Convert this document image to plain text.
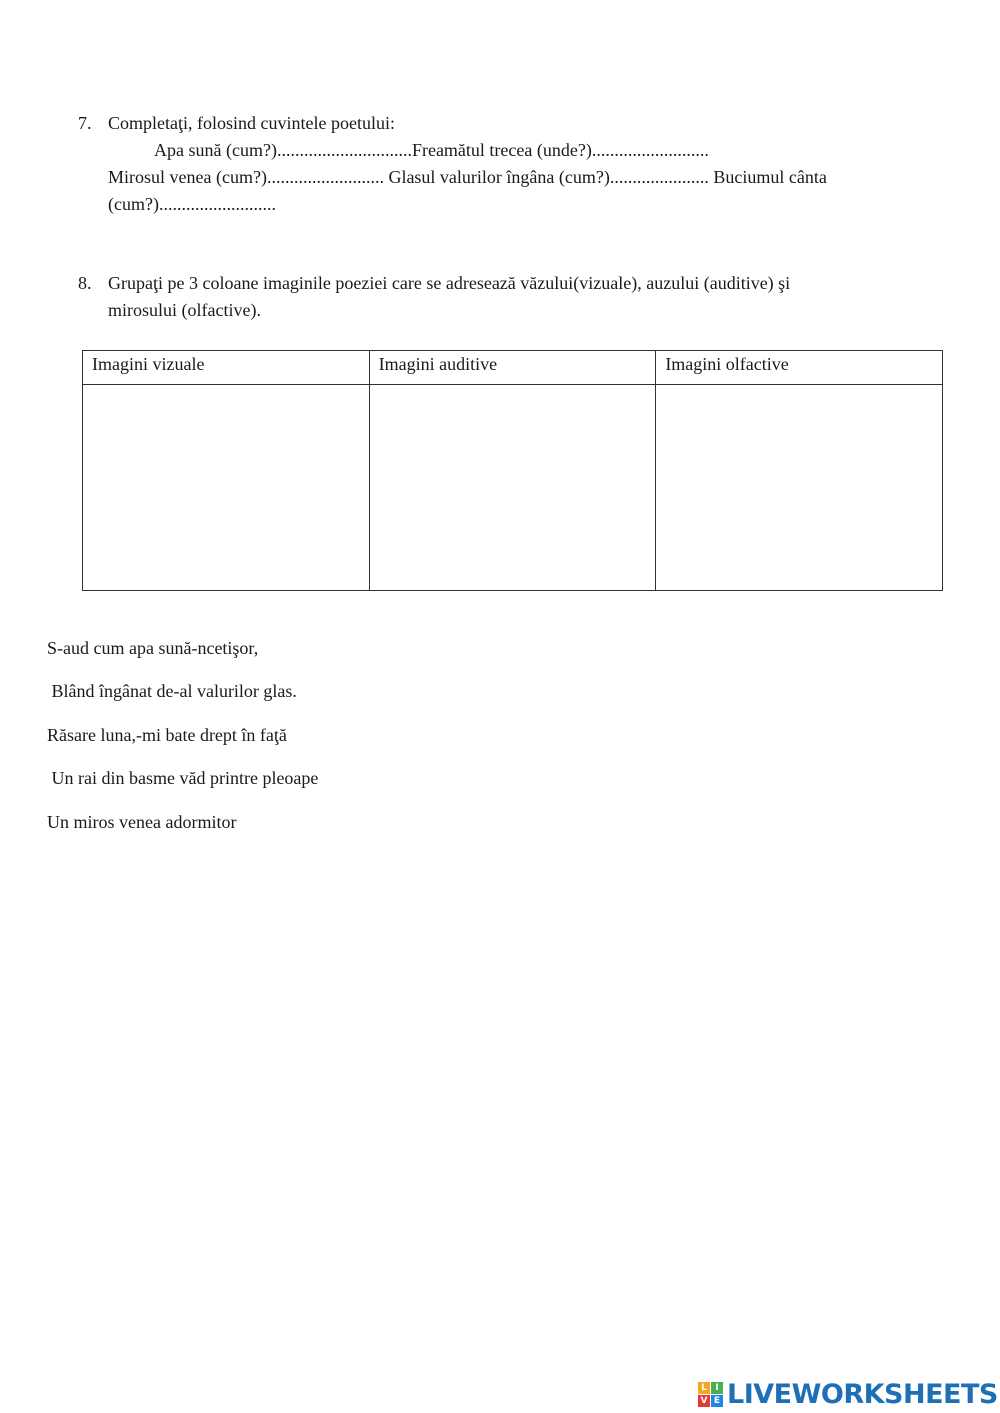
7. Completaţi, folosind cuvintele poetului:
Apa sună (cum?)..............................Freamătul trecea (unde?)..........................
Mirosul venea (cum?).......................... Glasul valurilor îngâna (cum?)...................... Buciumul cânta
(cum?)..........................
8. Grupaţi pe 3 coloane imaginile poeziei care se adresează văzului(vizuale), auzului (auditive) şi
mirosului (olfactive).
Imagini vizuale	Imagini auditive	Imagini olfactive

S-aud cum apa sună-ncetişor,
Blând îngânat de-al valurilor glas.
Răsare luna,-mi bate drept în faţă
Un rai din basme văd printre pleoape
Un miros venea adormitor
L I
V E LIVEWORKSHEETS
